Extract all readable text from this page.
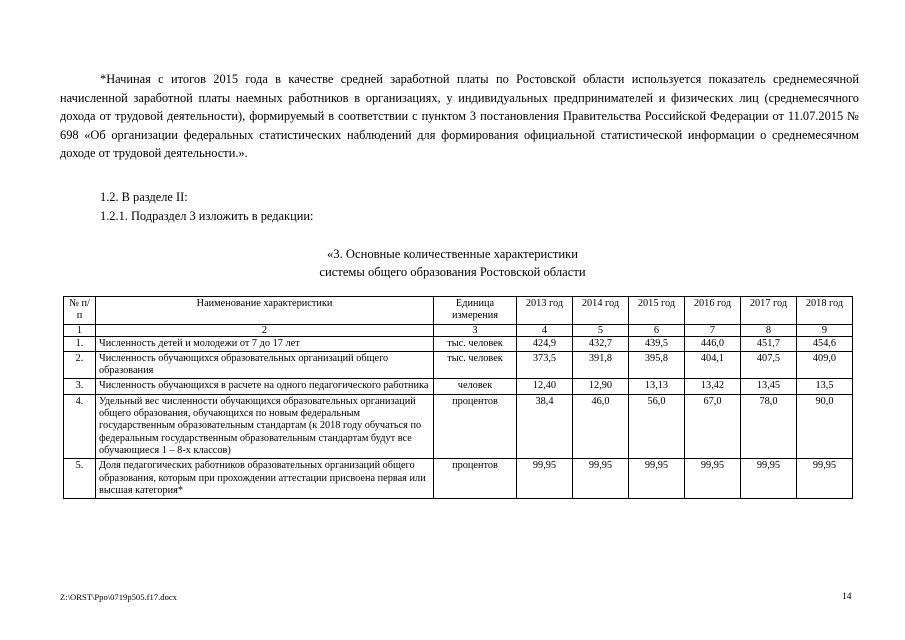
*Начиная с итогов 2015 года в качестве средней заработной платы по Ростовской области используется показатель среднемесячной начисленной заработной платы наемных работников в организациях, у индивидуальных предпринимателей и физических лиц (среднемесячного дохода от трудовой деятельности), формируемый в соответствии с пунктом 3 постановления Правительства Российской Федерации от 11.07.2015 № 698 «Об организации федеральных статистических наблюдений для формирования официальной статистической информации о среднемесячном доходе от трудовой деятельности.».
1.2. В разделе II:
1.2.1. Подраздел 3 изложить в редакции:
«3. Основные количественные характеристики
системы общего образования Ростовской области
№ п/п	Наименование характеристики	Единица измерения	2013 год	2014 год	2015 год	2016 год	2017 год	2018 год
1	2	3	4	5	6	7	8	9
1.	Численность детей и молодежи от 7 до 17 лет	тыс. человек	424,9	432,7	439,5	446,0	451,7	454,6
2.	Численность обучающихся образовательных организаций общего образования	тыс. человек	373,5	391,8	395,8	404,1	407,5	409,0
3.	Численность обучающихся в расчете на одного педагогического работника	человек	12,40	12,90	13,13	13,42	13,45	13,5
4.	Удельный вес численности обучающихся образовательных организаций общего образования, обучающихся по новым федеральным государственным образовательным стандартам (к 2018 году обучаться по федеральным государственным образовательным стандартам будут все обучающиеся 1 – 8-х классов)	процентов	38,4	46,0	56,0	67,0	78,0	90,0
5.	Доля педагогических работников образовательных организаций общего образования, которым при прохождении аттестации присвоена первая или высшая категория*	процентов	99,95	99,95	99,95	99,95	99,95	99,95
Z:\ORST\Ppo\0719p505.f17.docx	14
